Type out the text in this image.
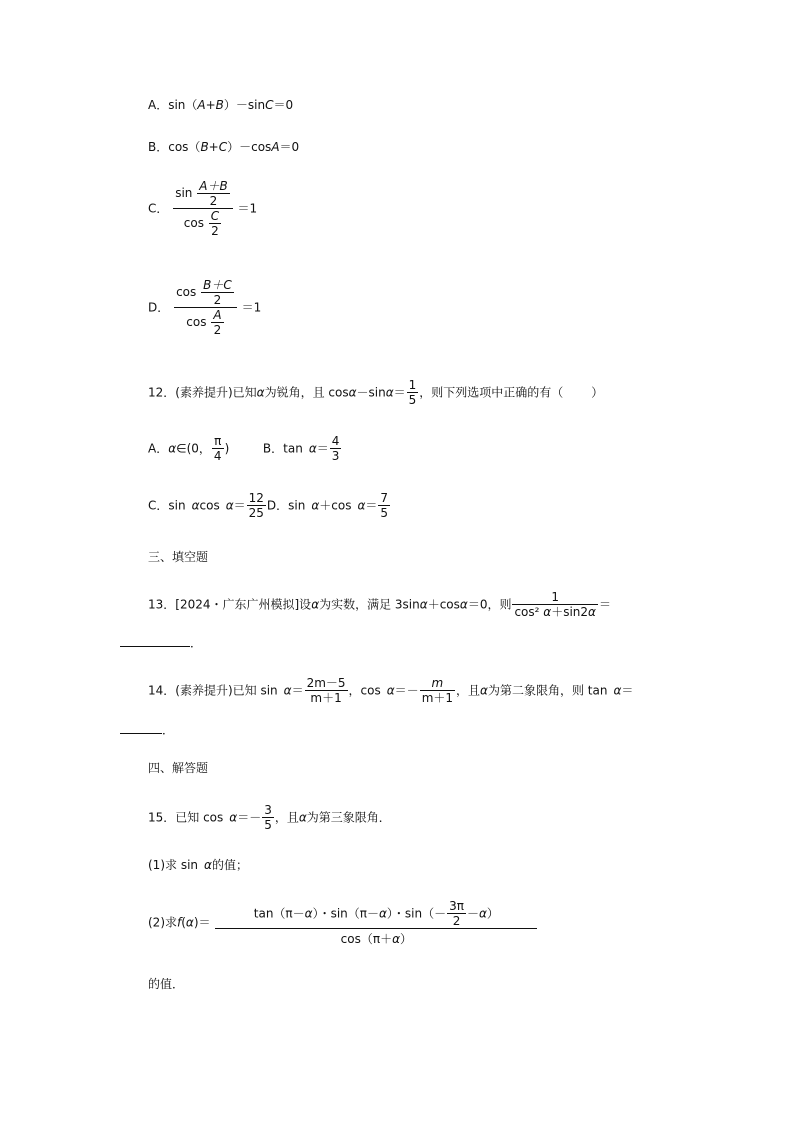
A．sin（A+B）－sinC＝0
B．cos（B+C）－cosA＝0
C． $\frac{\sin \frac{A+B}{2}}{\cos \frac{C}{2}} =1$
D． $\frac{\cos \frac{B+C}{2}}{\cos \frac{A}{2}} =1$
12．(素养提升)已知α为锐角，且 $\cos\alpha-\sin\alpha= \frac{1}{5}$ ，则下列选项中正确的有（ ）
A．α∈(0， $\frac{\pi}{4}$ )	B．$\tan \alpha= \frac{4}{3}$
C．sin αcos $\alpha= \frac{12}{25}$ D．sin α＋cos $\alpha= \frac{7}{5}$
三、填空题
13．[2024・广东广州模拟]设α为实数，满足 3sinα＋cosα＝0，则 $\frac{1}{\text{cos² α＋sin2α}}$ ＝
．
14．(素养提升)已知 $\sin \alpha= \frac{2m-5}{m+1}$ ，$\cos \alpha=- \frac{m}{m+1}$ ，且α为第二象限角，则 tan α＝
．
四、解答题
15．已知 $\cos \alpha=- \frac{3}{5}$ ，且α为第三象限角．
(1)求 sin α的值；
(2)求$f(\alpha)= \frac{\tan(\pi-\alpha)・\sin(\pi-\alpha)・\sin(- \frac{3\pi}{2} -\alpha)}{\cos(\pi+\alpha)}$
的值．
